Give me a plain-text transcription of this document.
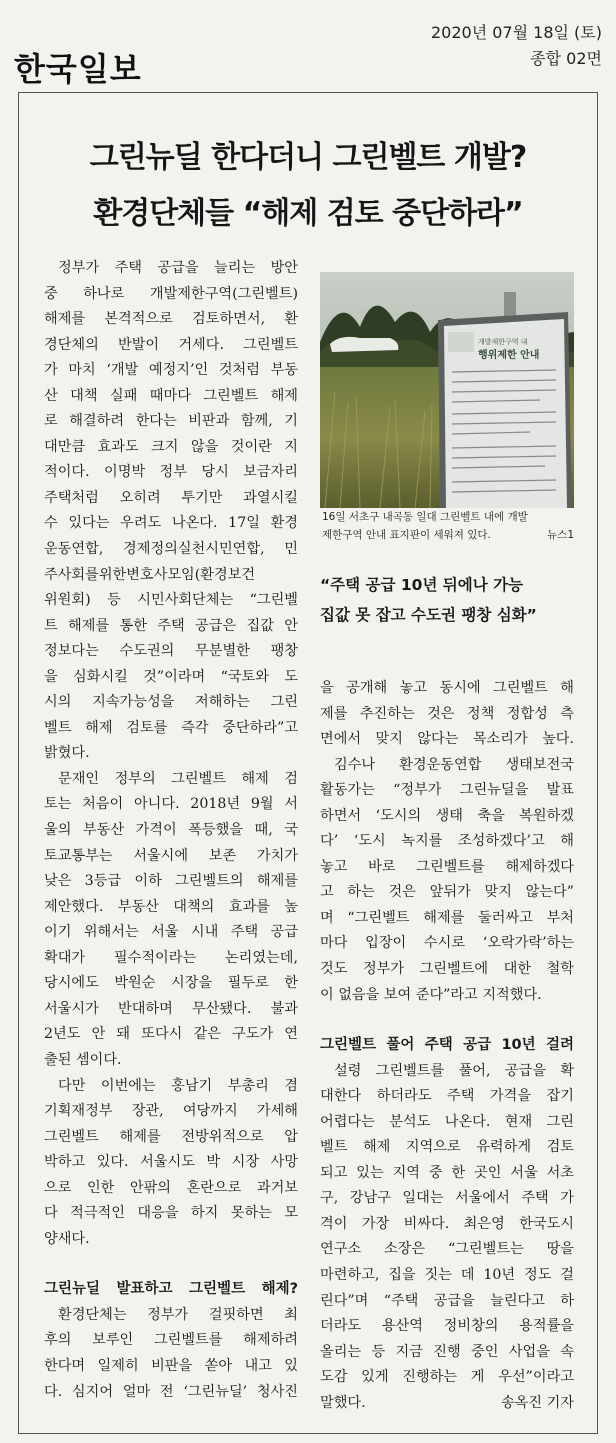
한국일보
2020년 07월 18일 (토)
종합 02면
그린뉴딜 한다더니 그린벨트 개발?
환경단체들 “해제 검토 중단하라”

정부가 주택 공급을 늘리는 방안

중 하나로 개발제한구역(그린벨트)

해제를 본격적으로 검토하면서, 환

경단체의 반발이 거세다. 그린벨트

가 마치 ‘개발 예정지’인 것처럼 부동

산 대책 실패 때마다 그린벨트 해제

로 해결하려 한다는 비판과 함께, 기

대만큼 효과도 크지 않을 것이란 지

적이다. 이명박 정부 당시 보금자리

주택처럼 오히려 투기만 과열시킬

수 있다는 우려도 나온다. 17일 환경

운동연합, 경제정의실천시민연합, 민

주사회를위한변호사모임(환경보건

위원회) 등 시민사회단체는 “그린벨

트 해제를 통한 주택 공급은 집값 안

정보다는 수도권의 무분별한 팽창

을 심화시킬 것”이라며 “국토와 도

시의 지속가능성을 저해하는 그린

벨트 해제 검토를 즉각 중단하라”고

밝혔다.

문재인 정부의 그린벨트 해제 검

토는 처음이 아니다. 2018년 9월 서

울의 부동산 가격이 폭등했을 때, 국

토교통부는 서울시에 보존 가치가

낮은 3등급 이하 그린벨트의 해제를

제안했다. 부동산 대책의 효과를 높

이기 위해서는 서울 시내 주택 공급

확대가 필수적이라는 논리였는데,

당시에도 박원순 시장을 필두로 한

서울시가 반대하며 무산됐다. 불과

2년도 안 돼 또다시 같은 구도가 연

출된 셈이다.

다만 이번에는 홍남기 부총리 겸

기획재정부 장관, 여당까지 가세해

그린벨트 해제를 전방위적으로 압

박하고 있다. 서울시도 박 시장 사망

으로 인한 안팎의 혼란으로 과거보

다 적극적인 대응을 하지 못하는 모

양새다.

그린뉴딜 발표하고 그린벨트 해제?

환경단체는 정부가 걸핏하면 최

후의 보루인 그린벨트를 해제하려

한다며 일제히 비판을 쏟아 내고 있

다. 심지어 얼마 전 ‘그린뉴딜’ 청사진

개발제한구역 내
행위제한 안내
16일 서초구 내곡동 일대 그린벨트 내에 개발
제한구역 안내 표지판이 세워져 있다.	뉴스1
“주택 공급 10년 뒤에나 가능
집값 못 잡고 수도권 팽창 심화”

을 공개해 놓고 동시에 그린벨트 해

제를 추진하는 것은 정책 정합성 측

면에서 맞지 않다는 목소리가 높다.

김수나 환경운동연합 생태보전국

활동가는 “정부가 그린뉴딜을 발표

하면서 ‘도시의 생태 축을 복원하겠

다’ ‘도시 녹지를 조성하겠다’고 해

놓고 바로 그린벨트를 해제하겠다

고 하는 것은 앞뒤가 맞지 않는다”

며 “그린벨트 해제를 둘러싸고 부처

마다 입장이 수시로 ‘오락가락’하는

것도 정부가 그린벨트에 대한 철학

이 없음을 보여 준다”라고 지적했다.

그린벨트 풀어 주택 공급 10년 걸려

설령 그린벨트를 풀어, 공급을 확

대한다 하더라도 주택 가격을 잡기

어렵다는 분석도 나온다. 현재 그린

벨트 해제 지역으로 유력하게 검토

되고 있는 지역 중 한 곳인 서울 서초

구, 강남구 일대는 서울에서 주택 가

격이 가장 비싸다. 최은영 한국도시

연구소 소장은 “그린벨트는 땅을

마련하고, 집을 짓는 데 10년 정도 걸

린다”며 “주택 공급을 늘린다고 하

더라도 용산역 정비창의 용적률을

올리는 등 지금 진행 중인 사업을 속

도감 있게 진행하는 게 우선”이라고

말했다.	송옥진 기자
